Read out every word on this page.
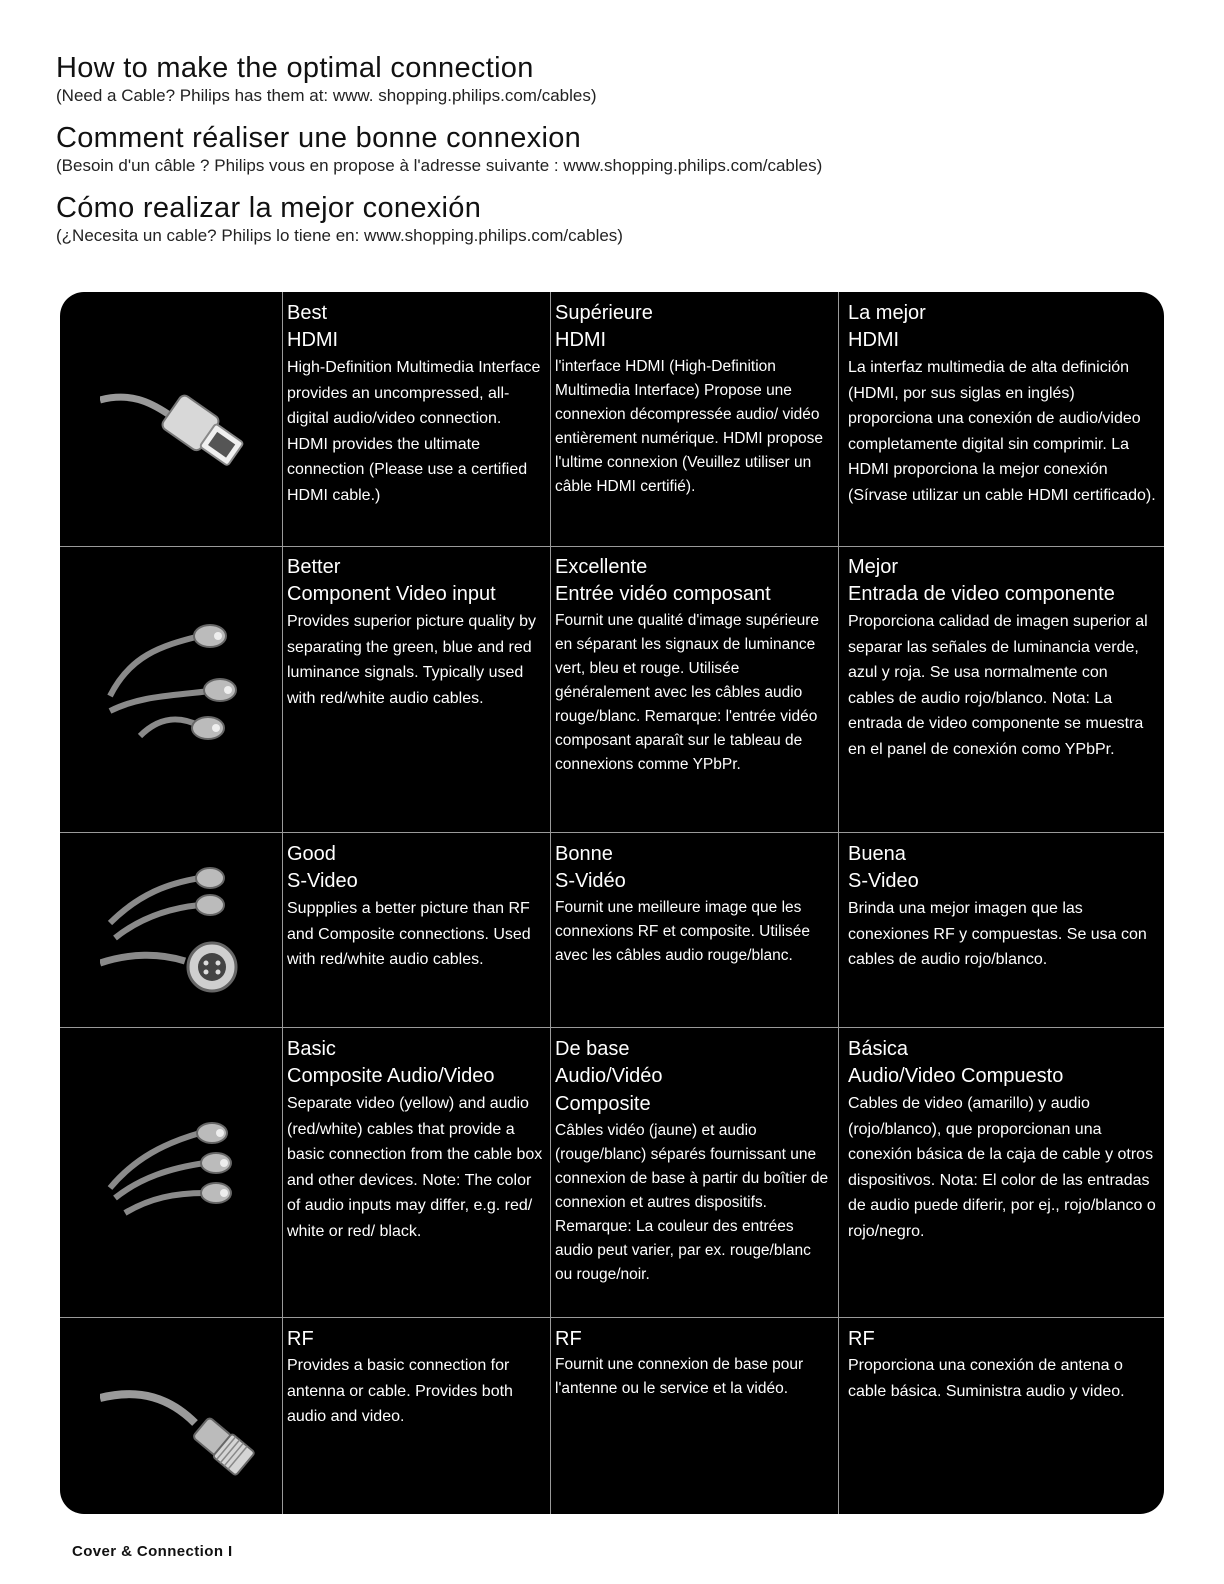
How to make the optimal connection

(Need a Cable? Philips has them at: www. shopping.philips.com/cables)

Comment réaliser une bonne connexion

(Besoin d'un câble ? Philips vous en propose à l'adresse suivante : www.shopping.philips.com/cables)

Cómo realizar la mejor conexión

(¿Necesita un cable? Philips lo tiene en: www.shopping.philips.com/cables)

Best
HDMI
High-Definition Multimedia Interface provides an uncompressed, all-digital audio/video connection. HDMI provides the ultimate connection (Please use a certified HDMI cable.)
Supérieure
HDMI
l'interface HDMI (High-Definition Multimedia Interface) Propose une connexion décompressée audio/ vidéo entièrement numérique. HDMI propose l'ultime connexion (Veuillez utiliser un câble HDMI certifié).
La mejor
HDMI
La interfaz multimedia de alta definición (HDMI, por sus siglas en inglés) proporciona una conexión de audio/video completamente digital sin comprimir. La HDMI proporciona la mejor conexión (Sírvase utilizar un cable HDMI certificado).
Better
Component Video input
Provides superior picture quality by separating the green, blue and red luminance signals. Typically used with red/white audio cables.
Excellente
Entrée vidéo composant
Fournit une qualité d'image supérieure en séparant les signaux de luminance vert, bleu et rouge. Utilisée généralement avec les câbles audio rouge/blanc. Remarque: l'entrée vidéo composant aparaît sur le tableau de connexions comme YPbPr.
Mejor
Entrada de video componente
Proporciona calidad de imagen superior al separar las señales de luminancia verde, azul y roja. Se usa normalmente con cables de audio rojo/blanco. Nota: La entrada de video componente se muestra en el panel de conexión como YPbPr.
Good
S-Video
Suppplies a better picture than RF and Composite connections. Used with red/white audio cables.
Bonne
S-Vidéo
Fournit une meilleure image que les connexions RF et composite. Utilisée avec les câbles audio rouge/blanc.
Buena
S-Video
Brinda una mejor imagen que las conexiones RF y compuestas. Se usa con cables de audio rojo/blanco.
Basic
Composite Audio/Video
Separate video (yellow) and audio (red/white) cables that provide a basic connection from the cable box and other devices. Note: The color of audio inputs may differ, e.g. red/ white or red/ black.
De base
Audio/Vidéo Composite
Câbles vidéo (jaune) et audio (rouge/blanc) séparés fournissant une connexion de base à partir du boîtier de connexion et autres dispositifs. Remarque: La couleur des entrées audio peut varier, par ex. rouge/blanc ou rouge/noir.
Básica
Audio/Video Compuesto
Cables de video (amarillo) y audio (rojo/blanco), que proporcionan una conexión básica de la caja de cable y otros dispositivos. Nota: El color de las entradas de audio puede diferir, por ej., rojo/blanco o rojo/negro.
RF
Provides a basic connection for antenna or cable. Provides both audio and video.
RF
Fournit une connexion de base pour l'antenne ou le service et la vidéo.
RF
Proporciona una conexión de antena o cable básica. Suministra audio y video.
Cover & Connection I
